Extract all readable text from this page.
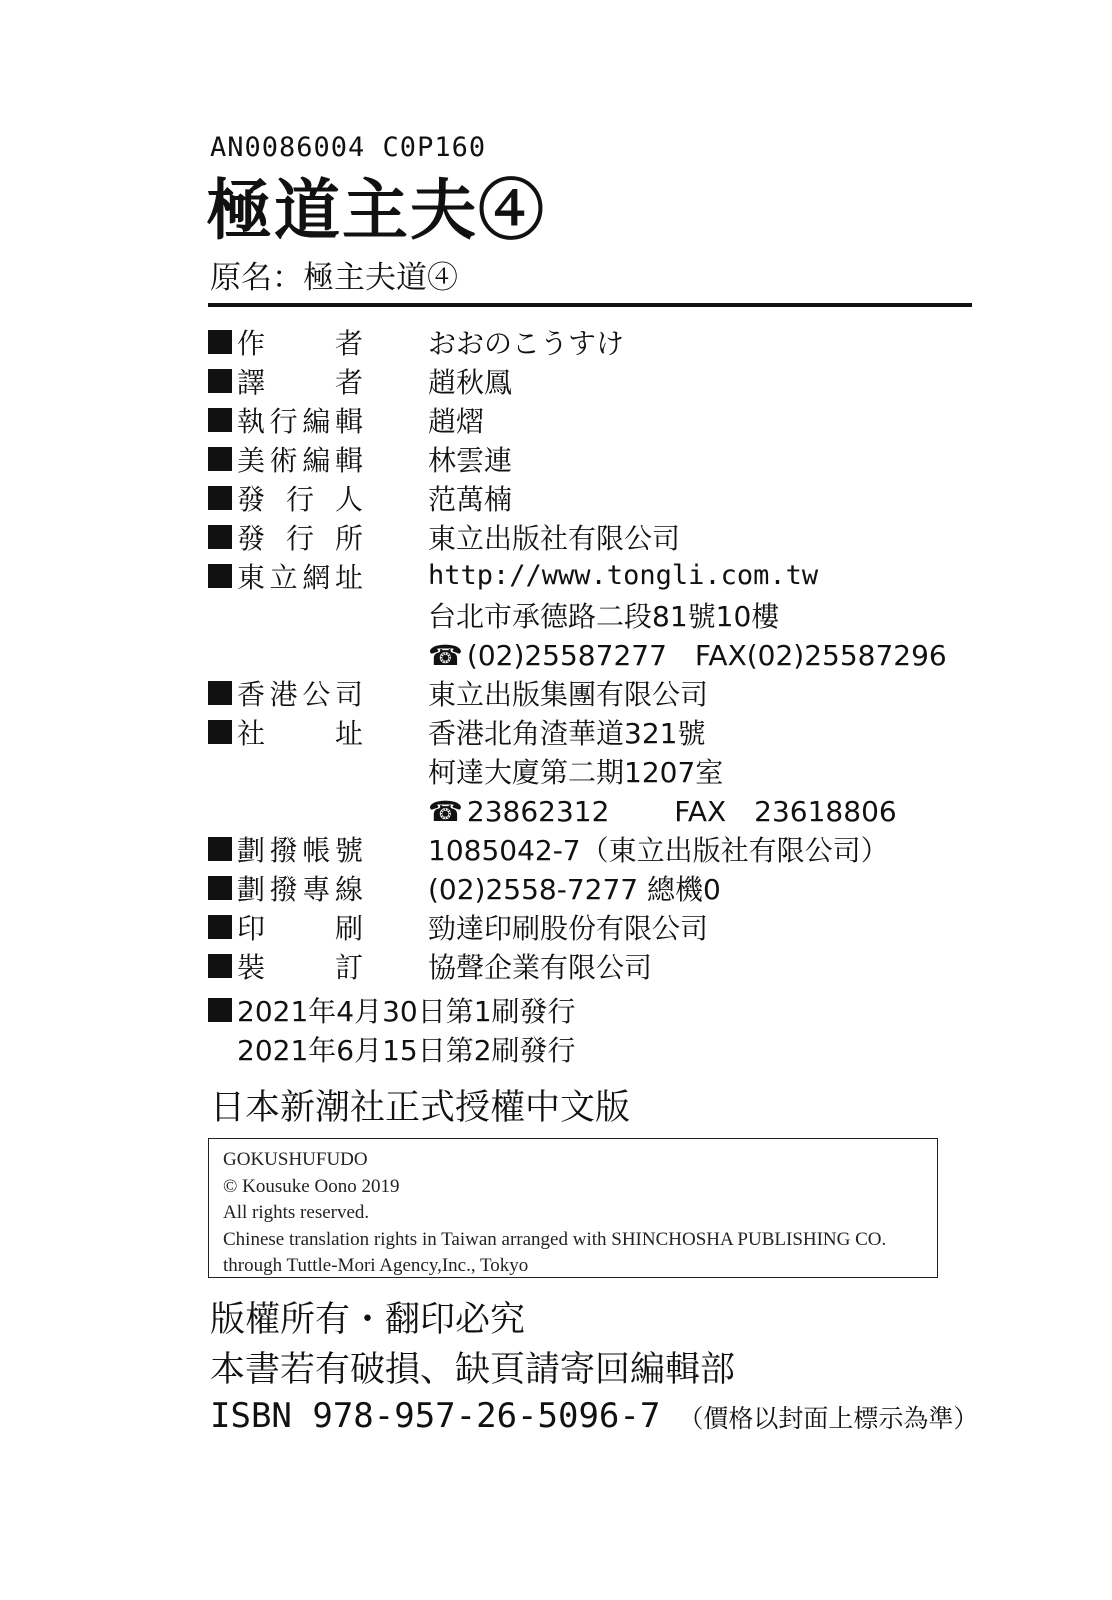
AN0086004 C0P160
極道主夫④
原名：極主夫道④
作　者 おおのこうすけ
譯　者 趙秋鳳
執行編輯 趙熠
美術編輯 林雲連
發行人 范萬楠
發行所 東立出版社有限公司
東立網址 http://www.tongli.com.tw
台北市承德路二段81號10樓
☎ (02)25587277　FAX(02)25587296
香港公司 東立出版集團有限公司
社　址 香港北角渣華道321號
柯達大廈第二期1207室
☎ 23862312　　 FAX　23618806
劃撥帳號 1085042-7（東立出版社有限公司）
劃撥專線 (02)2558-7277 總機0
印　刷 勁達印刷股份有限公司
裝　訂 協聲企業有限公司
2021年4月30日第1刷發行
2021年6月15日第2刷發行
日本新潮社正式授權中文版
GOKUSHUFUDO
© Kousuke Oono 2019
All rights reserved.
Chinese translation rights in Taiwan arranged with SHINCHOSHA PUBLISHING CO.
through Tuttle-Mori Agency,Inc., Tokyo
版權所有・翻印必究
本書若有破損、缺頁請寄回編輯部
ISBN 978-957-26-5096-7 （價格以封面上標示為準）
